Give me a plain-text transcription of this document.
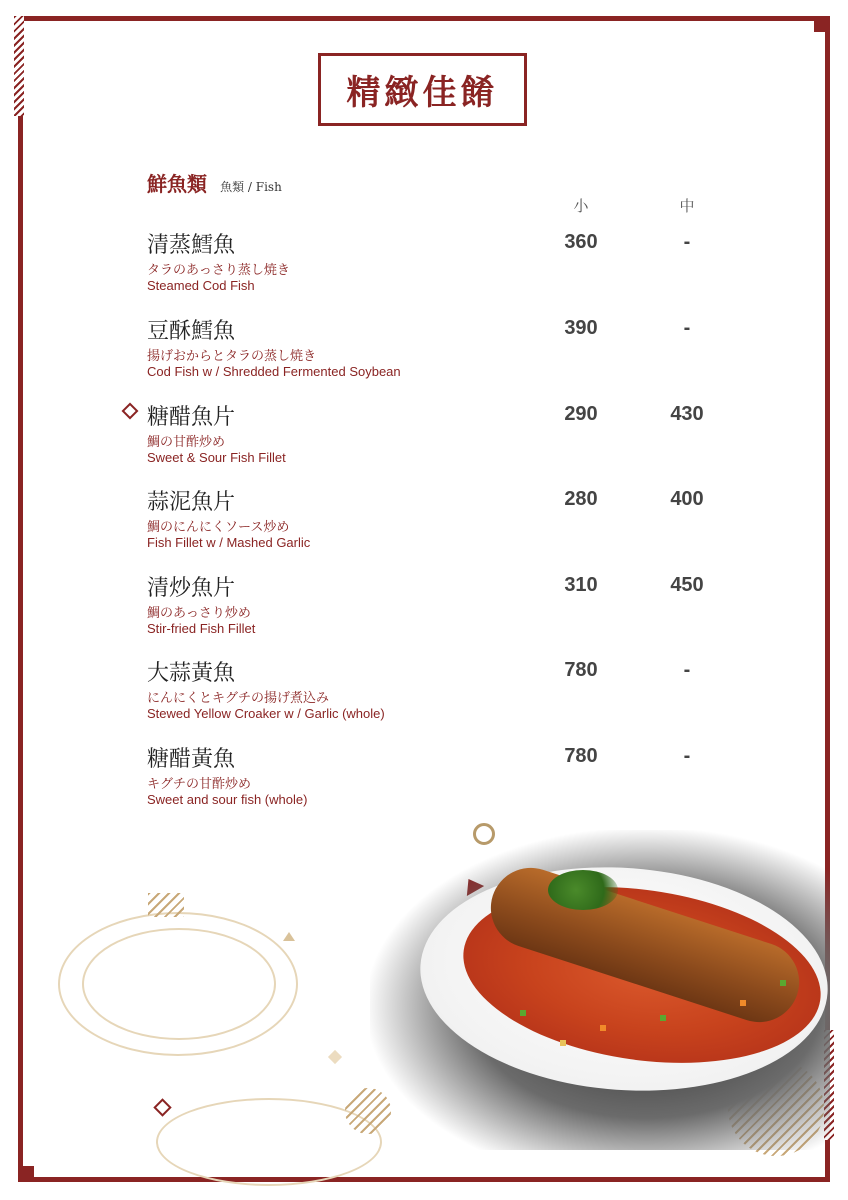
精緻佳餚
鮮魚類 魚類 / Fish
小	中
清蒸鱈魚
タラのあっさり蒸し焼き
Steamed Cod Fish
360	-
豆酥鱈魚
揚げおからとタラの蒸し焼き
Cod Fish w / Shredded Fermented Soybean
390	-
糖醋魚片
鯛の甘酢炒め
Sweet & Sour Fish Fillet
290	430
蒜泥魚片
鯛のにんにくソース炒め
Fish Fillet w / Mashed Garlic
280	400
清炒魚片
鯛のあっさり炒め
Stir-fried Fish Fillet
310	450
大蒜黃魚
にんにくとキグチの揚げ煮込み
Stewed Yellow Croaker w / Garlic (whole)
780	-
糖醋黃魚
キグチの甘酢炒め
Sweet and sour fish (whole)
780	-
